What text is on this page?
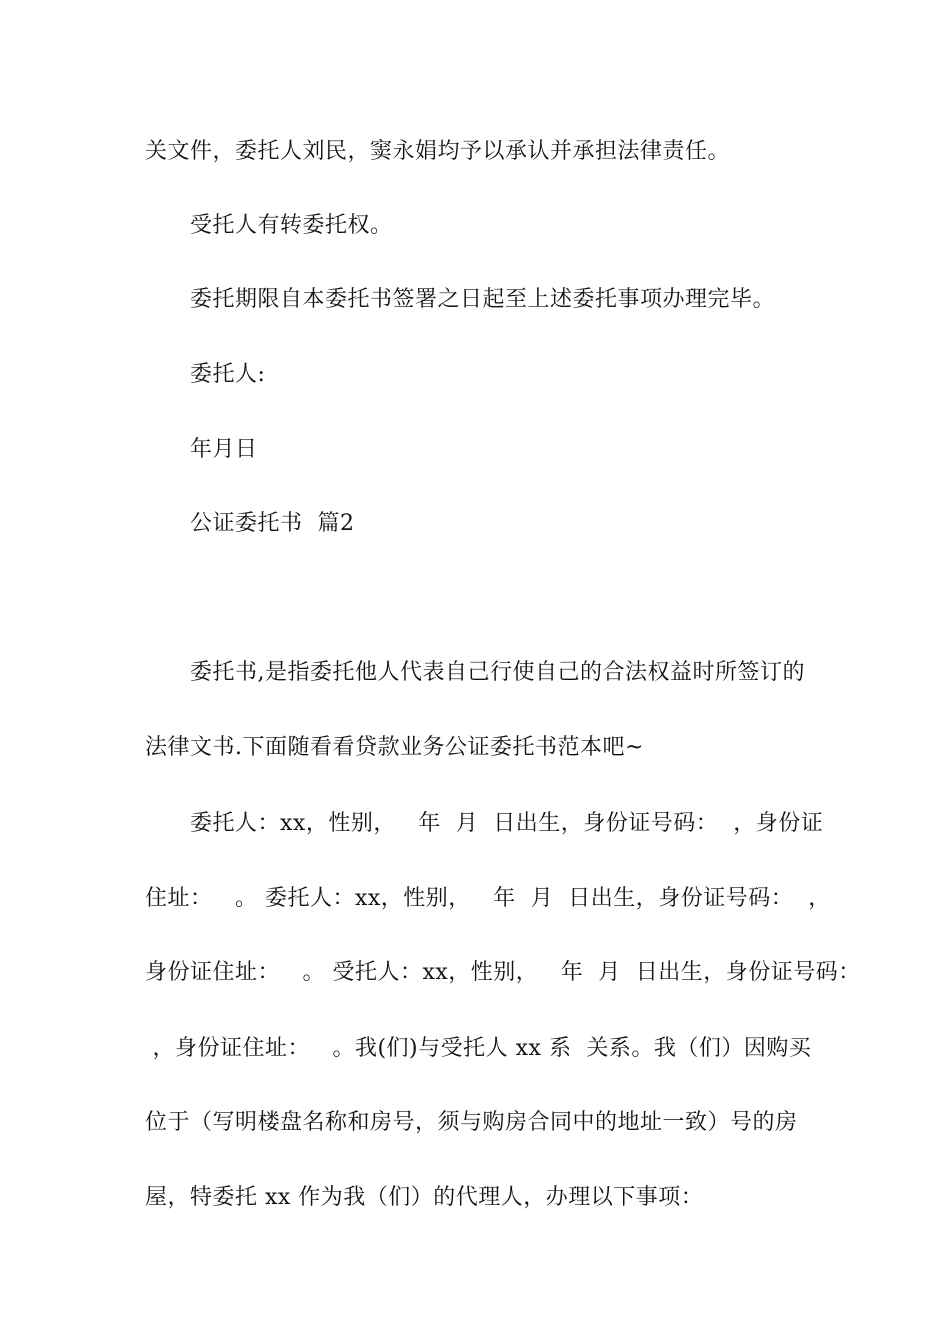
关文件，委托人刘民，窦永娟均予以承认并承担法律责任。
受托人有转委托权。
委托期限自本委托书签署之日起至上述委托事项办理完毕。
委托人:
年月日
公证委托书  篇2
委托书,是指委托他人代表自己行使自己的合法权益时所签订的
法律文书.下面随看看贷款业务公证委托书范本吧~
委托人：xx，性别，   年  月  日出生，身份证号码：  ，身份证
住址：   。 委托人：xx，性别，   年  月  日出生，身份证号码：  ，
身份证住址：   。 受托人：xx，性别，   年  月  日出生，身份证号码：
，身份证住址：   。我(们)与受托人 xx 系  关系。我（们）因购买
位于（写明楼盘名称和房号，须与购房合同中的地址一致）号的房
屋，特委托 xx 作为我（们）的代理人，办理以下事项：
